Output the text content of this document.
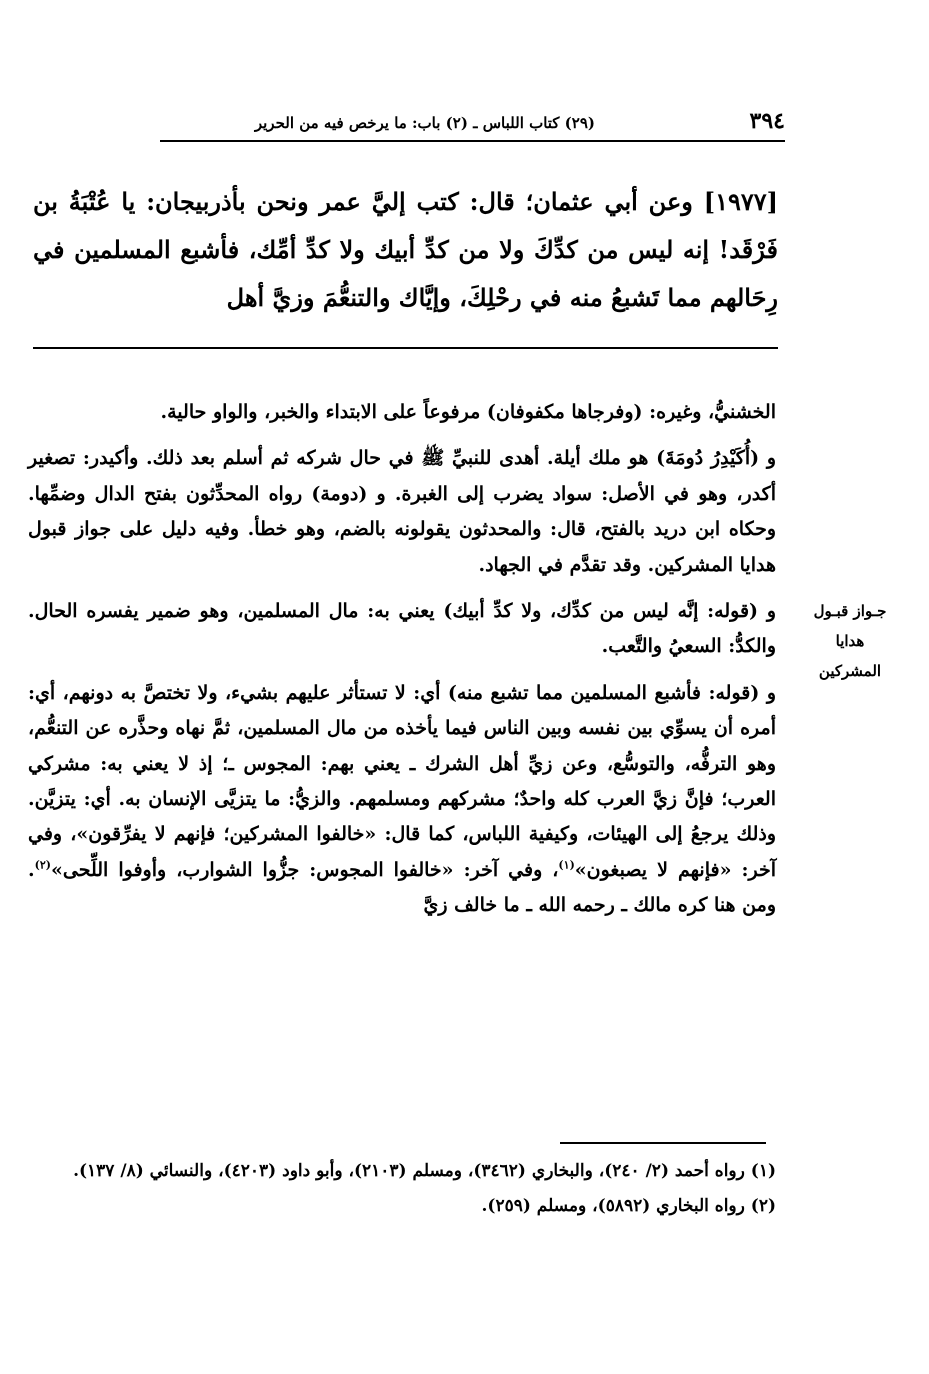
٣٩٤
(٢٩) كتاب اللباس ـ (٢) باب: ما يرخص فيه من الحرير
[١٩٧٧] وعن أبي عثمان؛ قال: كتب إليَّ عمر ونحن بأذربيجان: يا عُتْبَةُ بن فَرْقَد! إنه ليس من كدِّكَ ولا من كدِّ أبيك ولا كدِّ أمِّك، فأشبع المسلمين في رِحَالهم مما تَشبعُ منه في رحْلِكَ، وإيَّاك والتنعُّمَ وزيَّ أهل

الخشنيُّ، وغيره: (وفرجاها مكفوفان) مرفوعاً على الابتداء والخبر، والواو حالية.

و (أُكَيْدِرُ دُومَةَ) هو ملك أيلة. أهدى للنبيِّ ﷺ في حال شركه ثم أسلم بعد ذلك. وأكيدر: تصغير أكدر، وهو في الأصل: سواد يضرب إلى الغبرة. و (دومة) رواه المحدِّثون بفتح الدال وضمِّها. وحكاه ابن دريد بالفتح، قال: والمحدثون يقولونه بالضم، وهو خطأ. وفيه دليل على جواز قبول هدايا المشركين. وقد تقدَّم في الجهاد.

و (قوله: إنَّه ليس من كدِّك، ولا كدِّ أبيك) يعني به: مال المسلمين، وهو ضمير يفسره الحال. والكدُّ: السعيُ والتَّعب.

و (قوله: فأشبع المسلمين مما تشبع منه) أي: لا تستأثر عليهم بشيء، ولا تختصَّ به دونهم، أي: أمره أن يسوِّي بين نفسه وبين الناس فيما يأخذه من مال المسلمين، ثمَّ نهاه وحذَّره عن التنعُّم، وهو الترفُّه، والتوسُّع، وعن زيِّ أهل الشرك ـ يعني بهم: المجوس ـ؛ إذ لا يعني به: مشركي العرب؛ فإنَّ زيَّ العرب كله واحدٌ؛ مشركهم ومسلمهم. والزيُّ: ما يتزيَّى الإنسان به. أي: يتزيَّن. وذلك يرجعُ إلى الهيئات، وكيفية اللباس، كما قال: «خالفوا المشركين؛ فإنهم لا يفرِّقون»، وفي آخر: «فإنهم لا يصبغون»$^{(١)}$، وفي آخر: «خالفوا المجوس: جزُّوا الشوارب، وأوفوا اللِّحى»$^{(٢)}$. ومن هنا كره مالك ـ رحمه الله ـ ما خالف زيَّ

جـواز قبـول
هدايا
المشركين

(١) رواه أحمد (٢/ ٢٤٠)، والبخاري (٣٤٦٢)، ومسلم (٢١٠٣)، وأبو داود (٤٢٠٣)، والنسائي (٨/ ١٣٧).

(٢) رواه البخاري (٥٨٩٢)، ومسلم (٢٥٩).
